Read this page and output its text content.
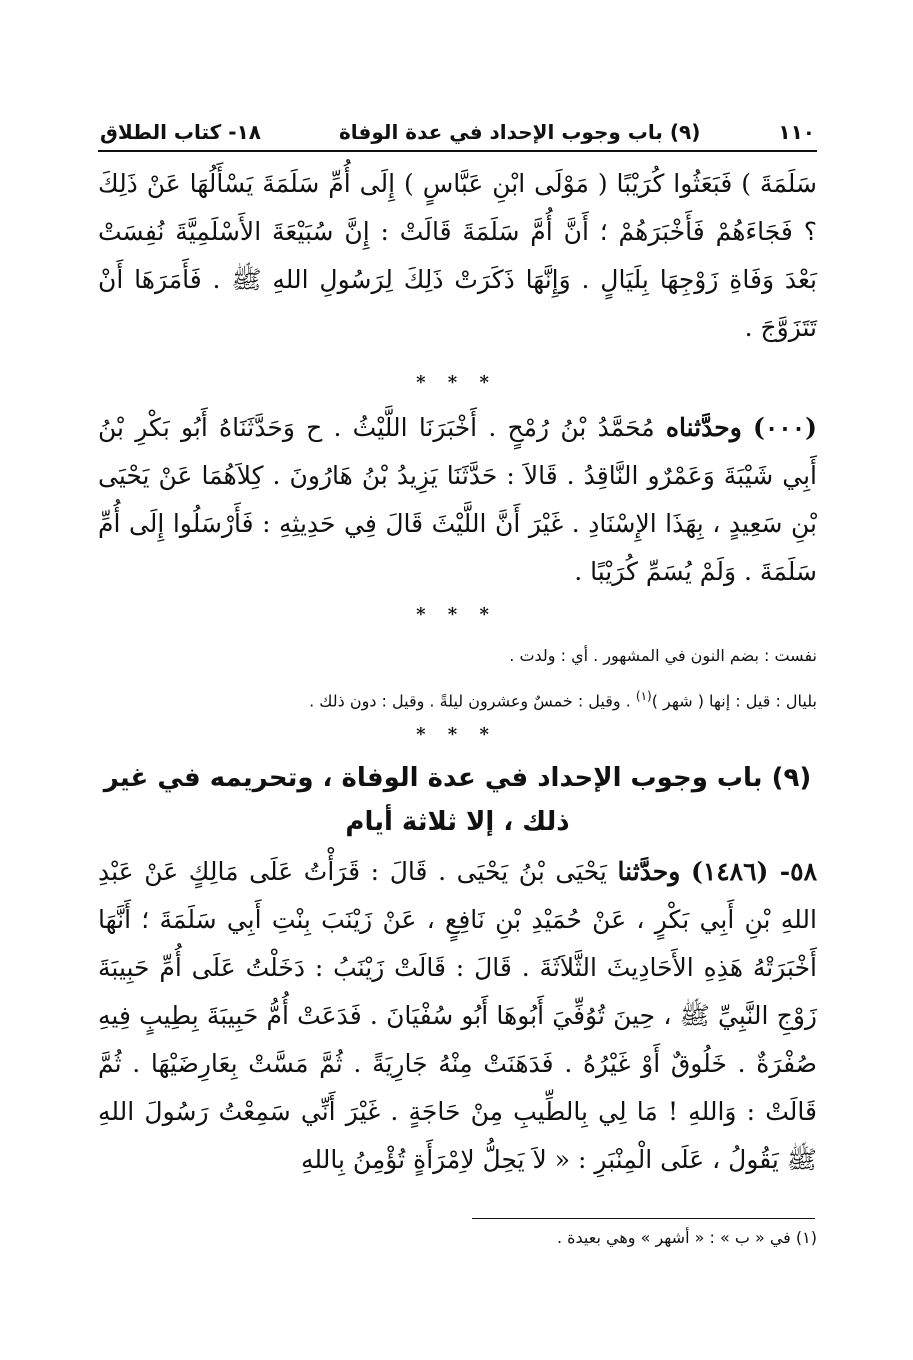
١١٠
(٩) باب وجوب الإحداد في عدة الوفاة
١٨- كتاب الطلاق

سَلَمَةَ ) فَبَعَثُوا كُرَيْبًا ( مَوْلَى ابْنِ عَبَّاسٍ ) إِلَى أُمِّ سَلَمَةَ يَسْأَلُهَا عَنْ ذَلِكَ ؟ فَجَاءَهُمْ فَأَخْبَرَهُمْ ؛ أَنَّ أُمَّ سَلَمَةَ قَالَتْ : إِنَّ سُبَيْعَةَ الأَسْلَمِيَّةَ نُفِسَتْ بَعْدَ وَفَاةِ زَوْجِهَا بِلَيَالٍ . وَإِنَّهَا ذَكَرَتْ ذَلِكَ لِرَسُولِ اللهِ ﷺ . فَأَمَرَهَا أَنْ تَتَزَوَّجَ .

* * *

(٠٠٠) وحدَّثناه مُحَمَّدُ بْنُ رُمْحٍ . أَخْبَرَنَا اللَّيْثُ . ح وَحَدَّثَنَاهُ أَبُو بَكْرِ بْنُ أَبِي شَيْبَةَ وَعَمْرٌو النَّاقِدُ . قَالاَ : حَدَّثَنَا يَزِيدُ بْنُ هَارُونَ . كِلاَهُمَا عَنْ يَحْيَى بْنِ سَعِيدٍ ، بِهَذَا الإِسْنَادِ . غَيْرَ أَنَّ اللَّيْثَ قَالَ فِي حَدِيثِهِ : فَأَرْسَلُوا إِلَى أُمِّ سَلَمَةَ . وَلَمْ يُسَمِّ كُرَيْبًا .

* * *
نفست : بضم النون في المشهور . أي : ولدت .
بليال : قيل : إنها ( شهر )$^{(١)}$ . وقيل : خمسٌ وعشرون ليلةً . وقيل : دون ذلك .
* * *
(٩) باب وجوب الإحداد في عدة الوفاة ، وتحريمه في غير ذلك ، إلا ثلاثة أيام

٥٨- (١٤٨٦) وحدَّثنا يَحْيَى بْنُ يَحْيَى . قَالَ : قَرَأْتُ عَلَى مَالِكٍ عَنْ عَبْدِ اللهِ بْنِ أَبِي بَكْرٍ ، عَنْ حُمَيْدِ بْنِ نَافِعٍ ، عَنْ زَيْنَبَ بِنْتِ أَبِي سَلَمَةَ ؛ أَنَّهَا أَخْبَرَتْهُ هَذِهِ الأَحَادِيثَ الثَّلاَثَةَ . قَالَ : قَالَتْ زَيْنَبُ : دَخَلْتُ عَلَى أُمِّ حَبِيبَةَ زَوْجِ النَّبِيِّ ﷺ ، حِينَ تُوُفِّيَ أَبُوهَا أَبُو سُفْيَانَ . فَدَعَتْ أُمُّ حَبِيبَةَ بِطِيبٍ فِيهِ صُفْرَةٌ . خَلُوقٌ أَوْ غَيْرُهُ . فَدَهَنَتْ مِنْهُ جَارِيَةً . ثُمَّ مَسَّتْ بِعَارِضَيْهَا . ثُمَّ قَالَتْ : وَاللهِ ! مَا لِي بِالطِّيبِ مِنْ حَاجَةٍ . غَيْرَ أَنِّي سَمِعْتُ رَسُولَ اللهِ ﷺ يَقُولُ ، عَلَى الْمِنْبَرِ : « لاَ يَحِلُّ لاِمْرَأَةٍ تُؤْمِنُ بِاللهِ

(١) في « ب » : « أشهر » وهي بعيدة .
